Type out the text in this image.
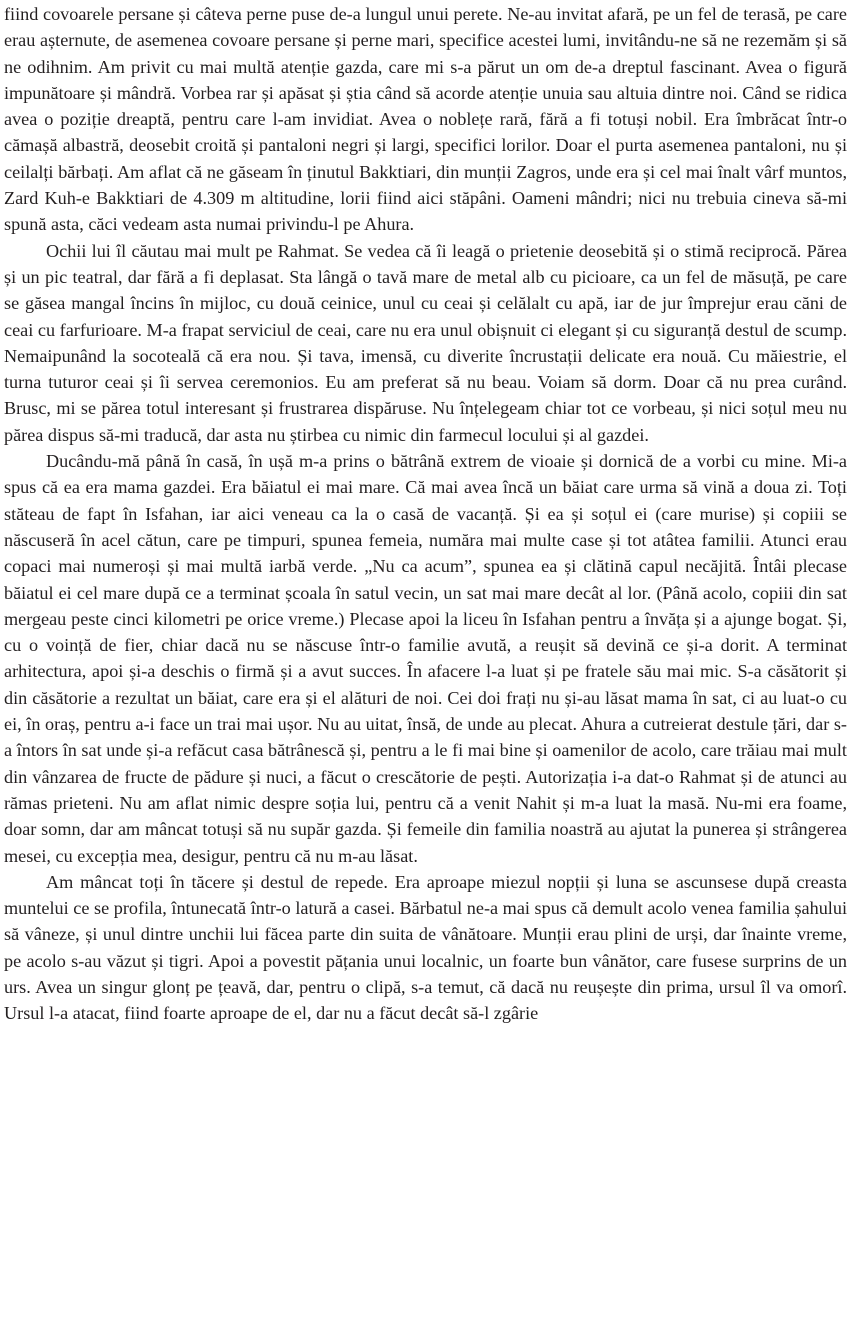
fiind covoarele persane și câteva perne puse de-a lungul unui perete. Ne-au invitat afară, pe un fel de terasă, pe care erau așternute, de asemenea covoare persane și perne mari, specifice acestei lumi, invitându-ne să ne rezemăm și să ne odihnim. Am privit cu mai multă atenție gazda, care mi s-a părut un om de-a dreptul fascinant. Avea o figură impunătoare și mândră. Vorbea rar și apăsat și știa când să acorde atenție unuia sau altuia dintre noi. Când se ridica avea o poziție dreaptă, pentru care l-am invidiat. Avea o noblețe rară, fără a fi totuși nobil. Era îmbrăcat într-o cămașă albastră, deosebit croită și pantaloni negri și largi, specifici lorilor. Doar el purta asemenea pantaloni, nu și ceilalți bărbați. Am aflat că ne găseam în ținutul Bakktiari, din munții Zagros, unde era și cel mai înalt vârf muntos, Zard Kuh-e Bakktiari de 4.309 m altitudine, lorii fiind aici stăpâni. Oameni mândri; nici nu trebuia cineva să-mi spună asta, căci vedeam asta numai privindu-l pe Ahura.

Ochii lui îl căutau mai mult pe Rahmat. Se vedea că îi leagă o prietenie deosebită și o stimă reciprocă. Părea și un pic teatral, dar fără a fi deplasat. Sta lângă o tavă mare de metal alb cu picioare, ca un fel de măsuță, pe care se găsea mangal încins în mijloc, cu două ceinice, unul cu ceai și celălalt cu apă, iar de jur împrejur erau căni de ceai cu farfurioare. M-a frapat serviciul de ceai, care nu era unul obișnuit ci elegant și cu siguranță destul de scump. Nemaipunând la socoteală că era nou. Și tava, imensă, cu diverite încrustații delicate era nouă. Cu măiestrie, el turna tuturor ceai și îi servea ceremonios. Eu am preferat să nu beau. Voiam să dorm. Doar că nu prea curând. Brusc, mi se părea totul interesant și frustrarea dispăruse. Nu înțelegeam chiar tot ce vorbeau, și nici soțul meu nu părea dispus să-mi traducă, dar asta nu știrbea cu nimic din farmecul locului și al gazdei.

Ducându-mă până în casă, în ușă m-a prins o bătrână extrem de vioaie și dornică de a vorbi cu mine. Mi-a spus că ea era mama gazdei. Era băiatul ei mai mare. Că mai avea încă un băiat care urma să vină a doua zi. Toți stăteau de fapt în Isfahan, iar aici veneau ca la o casă de vacanță. Și ea și soțul ei (care murise) și copiii se născuseră în acel cătun, care pe timpuri, spunea femeia, număra mai multe case și tot atâtea familii. Atunci erau copaci mai numeroși și mai multă iarbă verde. „Nu ca acum”, spunea ea și clătină capul necăjită. Întâi plecase băiatul ei cel mare după ce a terminat școala în satul vecin, un sat mai mare decât al lor. (Până acolo, copiii din sat mergeau peste cinci kilometri pe orice vreme.) Plecase apoi la liceu în Isfahan pentru a învăța și a ajunge bogat. Și, cu o voință de fier, chiar dacă nu se născuse într-o familie avută, a reușit să devină ce și-a dorit. A terminat arhitectura, apoi și-a deschis o firmă și a avut succes. În afacere l-a luat și pe fratele său mai mic. S-a căsătorit și din căsătorie a rezultat un băiat, care era și el alături de noi. Cei doi frați nu și-au lăsat mama în sat, ci au luat-o cu ei, în oraș, pentru a-i face un trai mai ușor. Nu au uitat, însă, de unde au plecat. Ahura a cutreierat destule țări, dar s-a întors în sat unde și-a refăcut casa bătrânescă și, pentru a le fi mai bine și oamenilor de acolo, care trăiau mai mult din vânzarea de fructe de pădure și nuci, a făcut o crescătorie de pești. Autorizația i-a dat-o Rahmat și de atunci au rămas prieteni. Nu am aflat nimic despre soția lui, pentru că a venit Nahit și m-a luat la masă. Nu-mi era foame, doar somn, dar am mâncat totuși să nu supăr gazda. Și femeile din familia noastră au ajutat la punerea și strângerea mesei, cu excepția mea, desigur, pentru că nu m-au lăsat.

Am mâncat toți în tăcere și destul de repede. Era aproape miezul nopții și luna se ascunsese după creasta muntelui ce se profila, întunecată într-o latură a casei. Bărbatul ne-a mai spus că demult acolo venea familia șahului să vâneze, și unul dintre unchii lui făcea parte din suita de vânătoare. Munții erau plini de urși, dar înainte vreme, pe acolo s-au văzut și tigri. Apoi a povestit pățania unui localnic, un foarte bun vânător, care fusese surprins de un urs. Avea un singur glonț pe țeavă, dar, pentru o clipă, s-a temut, că dacă nu reușește din prima, ursul îl va omorî. Ursul l-a atacat, fiind foarte aproape de el, dar nu a făcut decât să-l zgârie
